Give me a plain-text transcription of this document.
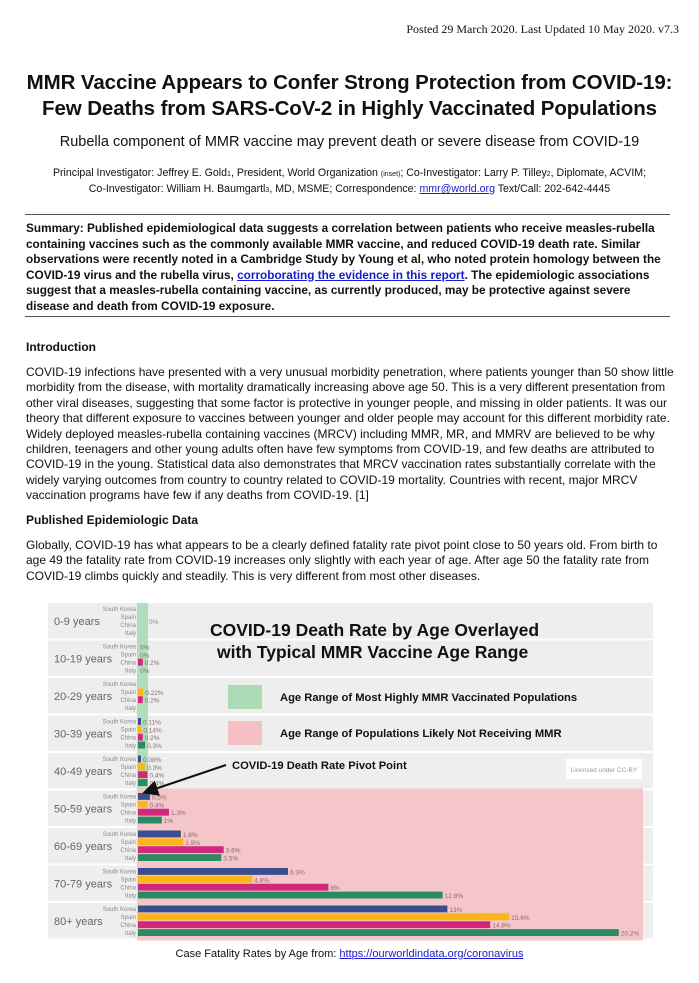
Posted 29 March 2020. Last Updated 10 May 2020. v7.3
MMR Vaccine Appears to Confer Strong Protection from COVID-19:
Few Deaths from SARS-CoV-2 in Highly Vaccinated Populations
Rubella component of MMR vaccine may prevent death or severe disease from COVID-19
Principal Investigator: Jeffrey E. Gold1, President, World Organization (inset); Co-Investigator: Larry P. Tilley2, Diplomate, ACVIM;
Co-Investigator: William H. Baumgartl3, MD, MSME; Correspondence: mmr@world.org Text/Call: 202-642-4445
Summary: Published epidemiological data suggests a correlation between patients who receive measles-rubella containing vaccines such as the commonly available MMR vaccine, and reduced COVID-19 death rate. Similar observations were recently noted in a Cambridge Study by Young et al, who noted protein homology between the COVID-19 virus and the rubella virus, corroborating the evidence in this report. The epidemiologic associations suggest that a measles-rubella containing vaccine, as currently produced, may be protective against severe disease and death from COVID-19 exposure.
Introduction
COVID-19 infections have presented with a very unusual morbidity penetration, where patients younger than 50 show little morbidity from the disease, with mortality dramatically increasing above age 50. This is a very different presentation from other viral diseases, suggesting that some factor is protective in younger people, and missing in older patients. It was our theory that different exposure to vaccines between younger and older people may account for this different morbidity rate. Widely deployed measles-rubella containing vaccines (MRCV) including MMR, MR, and MMRV are believed to be why children, teenagers and other young adults often have few symptoms from COVID-19, and few deaths are attributed to COVID-19 in the young. Statistical data also demonstrates that MRCV vaccination rates substantially correlate with the widely varying outcomes from country to country related to COVID-19 mortality. Countries with recent, major MRCV vaccination programs have few if any deaths from COVID-19. [1]
Published Epidemiologic Data
Globally, COVID-19 has what appears to be a clearly defined fatality rate pivot point close to 50 years old. From birth to age 49 the fatality rate from COVID-19 increases only slightly with each year of age. After age 50 the fatality rate from COVID-19 climbs quickly and steadily. This is very different from most other diseases.
0-9 years
South Korea
Spain
China
Italy
10-19 years
South Korea
Spain
China
Italy
20-29 years
South Korea
Spain
China
Italy
30-39 years
South Korea
Spain
China
Italy
40-49 years
South Korea
Spain
China
Italy
50-59 years
South Korea
Spain
China
Italy
60-69 years
South Korea
Spain
China
Italy
70-79 years
South Korea
Spain
China
Italy
80+ years
South Korea
Spain
China
Italy
0%
0%
0%
0.2%
0%
0.22%
0.2%
0.11%
0.14%
0.2%
0.3%
0.08%
0.3%
0.4%
0.4%
0.5%
0.4%
1.3%
1%
1.8%
1.9%
3.6%
3.5%
6.3%
4.8%
8%
12.8%
13%
15.6%
14.8%
20.2%
COVID-19 Death Rate by Age Overlayed
with Typical MMR Vaccine Age Range
Age Range of Most Highly MMR Vaccinated Populations
Age Range of Populations Likely Not Receiving MMR
COVID-19 Death Rate Pivot Point	Licensed under CC-BY
Case Fatality Rates by Age from: https://ourworldindata.org/coronavirus
